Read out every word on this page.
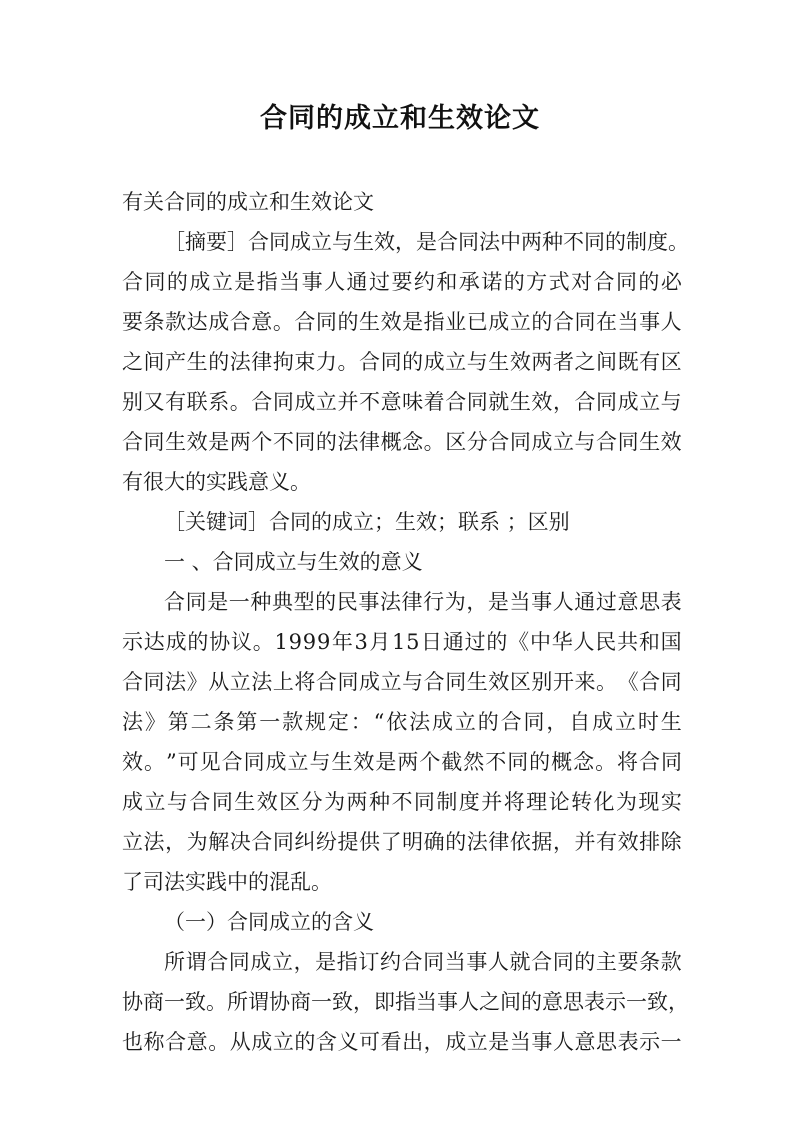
合同的成立和生效论文
有关合同的成立和生效论文
［ 摘 要 ］ 合 同 成 立 与 生 效 ， 是 合 同 法 中 两 种 不 同 的 制 度 。
合 同 的 成 立 是 指 当 事 人 通 过 要 约 和 承 诺 的 方 式 对 合 同 的 必
要 条 款 达 成 合 意 。 合 同 的 生 效 是 指 业 已 成 立 的 合 同 在 当 事 人
之 间 产 生 的 法 律 拘 束 力 。 合 同 的 成 立 与 生 效 两 者 之 间 既 有 区
别 又 有 联 系 。 合 同 成 立 并 不 意 味 着 合 同 就 生 效 ， 合 同 成 立 与
合 同 生 效 是 两 个 不 同 的 法 律 概 念 。 区 分 合 同 成 立 与 合 同 生 效
有很大的实践意义。
［关键词］合同的成立；生效；联系 ；区别
一 、合同成立与生效的意义
合 同 是 一 种 典 型 的 民 事 法 律 行 为 ， 是 当 事 人 通 过 意 思 表
示 达 成 的 协 议 。 1 9 9 9 年 3 月 1 5 日 通 过 的 《 中 华 人 民 共 和 国
合 同 法 》 从 立 法 上 将 合 同 成 立 与 合 同 生 效 区 别 开 来 。 《 合 同
法 》 第 二 条 第 一 款 规 定 ： “ 依 法 成 立 的 合 同 ， 自 成 立 时 生
效 。 ” 可 见 合 同 成 立 与 生 效 是 两 个 截 然 不 同 的 概 念 。 将 合 同
成 立 与 合 同 生 效 区 分 为 两 种 不 同 制 度 并 将 理 论 转 化 为 现 实
立 法 ， 为 解 决 合 同 纠 纷 提 供 了 明 确 的 法 律 依 据 ， 并 有 效 排 除
了司法实践中的混乱。
（一）合同成立的含义
所 谓 合 同 成 立 ， 是 指 订 约 合 同 当 事 人 就 合 同 的 主 要 条 款
协 商 一 致 。 所 谓 协 商 一 致 ， 即 指 当 事 人 之 间 的 意 思 表 示 一 致 ，
也 称 合 意 。 从 成 立 的 含 义 可 看 出 ， 成 立 是 当 事 人 意 思 表 示 一
